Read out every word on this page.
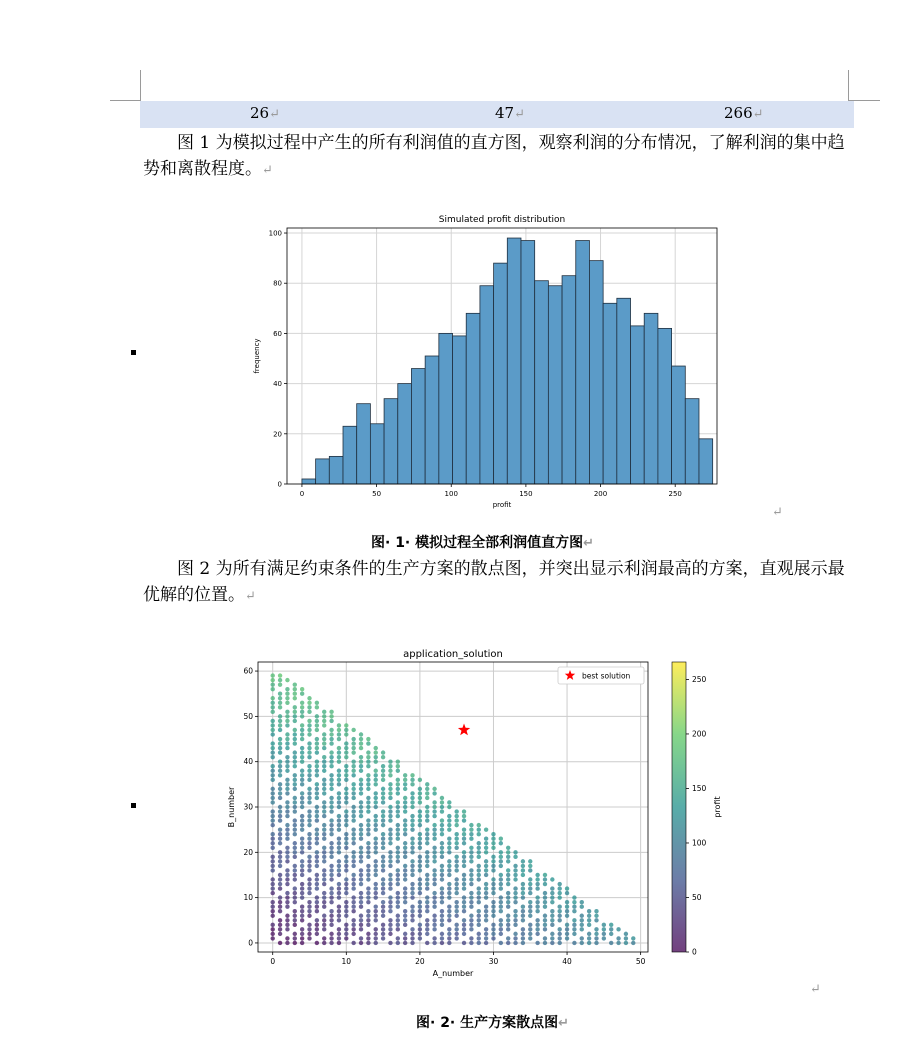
26↵	47↵	266↵
　　图 1 为模拟过程中产生的所有利润值的直方图，观察利润的分布情况，了解利润的集中趋势和离散程度。↵
Simulated profit distribution
0	50	100	150	200	250
0
20
40
60
80
100
profit
frequency
↵
图· 1· 模拟过程全部利润值直方图↵
　　图 2 为所有满足约束条件的生产方案的散点图，并突出显示利润最高的方案，直观展示最优解的位置。↵
application_solution
0	10	20	30	40	50
0
10
20
30
40
50
60
A_number
B_number
best solution
0
50
100
150
200
250
profit
↵
图· 2· 生产方案散点图↵
